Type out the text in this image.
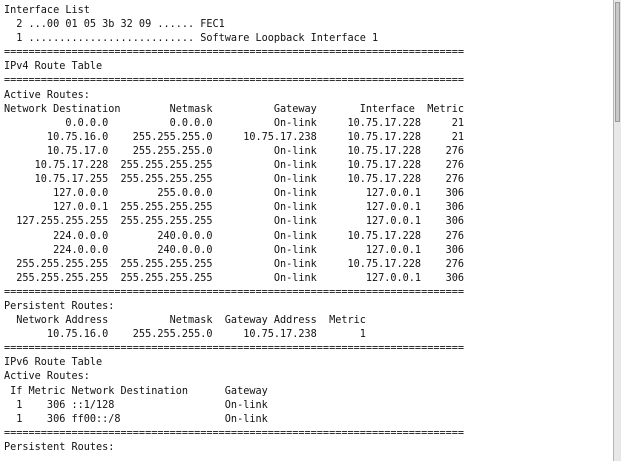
Interface List
2 ...00 01 05 3b 32 09 ...... FEC1
1 ........................... Software Loopback Interface 1
===========================================================================
IPv4 Route Table
===========================================================================
Active Routes:
Network Destination        Netmask          Gateway       Interface  Metric
0.0.0.0          0.0.0.0          On-link     10.75.17.228     21
10.75.16.0    255.255.255.0     10.75.17.238     10.75.17.228     21
10.75.17.0    255.255.255.0          On-link     10.75.17.228    276
10.75.17.228  255.255.255.255          On-link     10.75.17.228    276
10.75.17.255  255.255.255.255          On-link     10.75.17.228    276
127.0.0.0        255.0.0.0          On-link        127.0.0.1    306
127.0.0.1  255.255.255.255          On-link        127.0.0.1    306
127.255.255.255  255.255.255.255          On-link        127.0.0.1    306
224.0.0.0        240.0.0.0          On-link     10.75.17.228    276
224.0.0.0        240.0.0.0          On-link        127.0.0.1    306
255.255.255.255  255.255.255.255          On-link     10.75.17.228    276
255.255.255.255  255.255.255.255          On-link        127.0.0.1    306
===========================================================================
Persistent Routes:
Network Address          Netmask  Gateway Address  Metric
10.75.16.0    255.255.255.0     10.75.17.238       1
===========================================================================
IPv6 Route Table
Active Routes:
If Metric Network Destination      Gateway
1    306 ::1/128                  On-link
1    306 ff00::/8                 On-link
===========================================================================
Persistent Routes:
